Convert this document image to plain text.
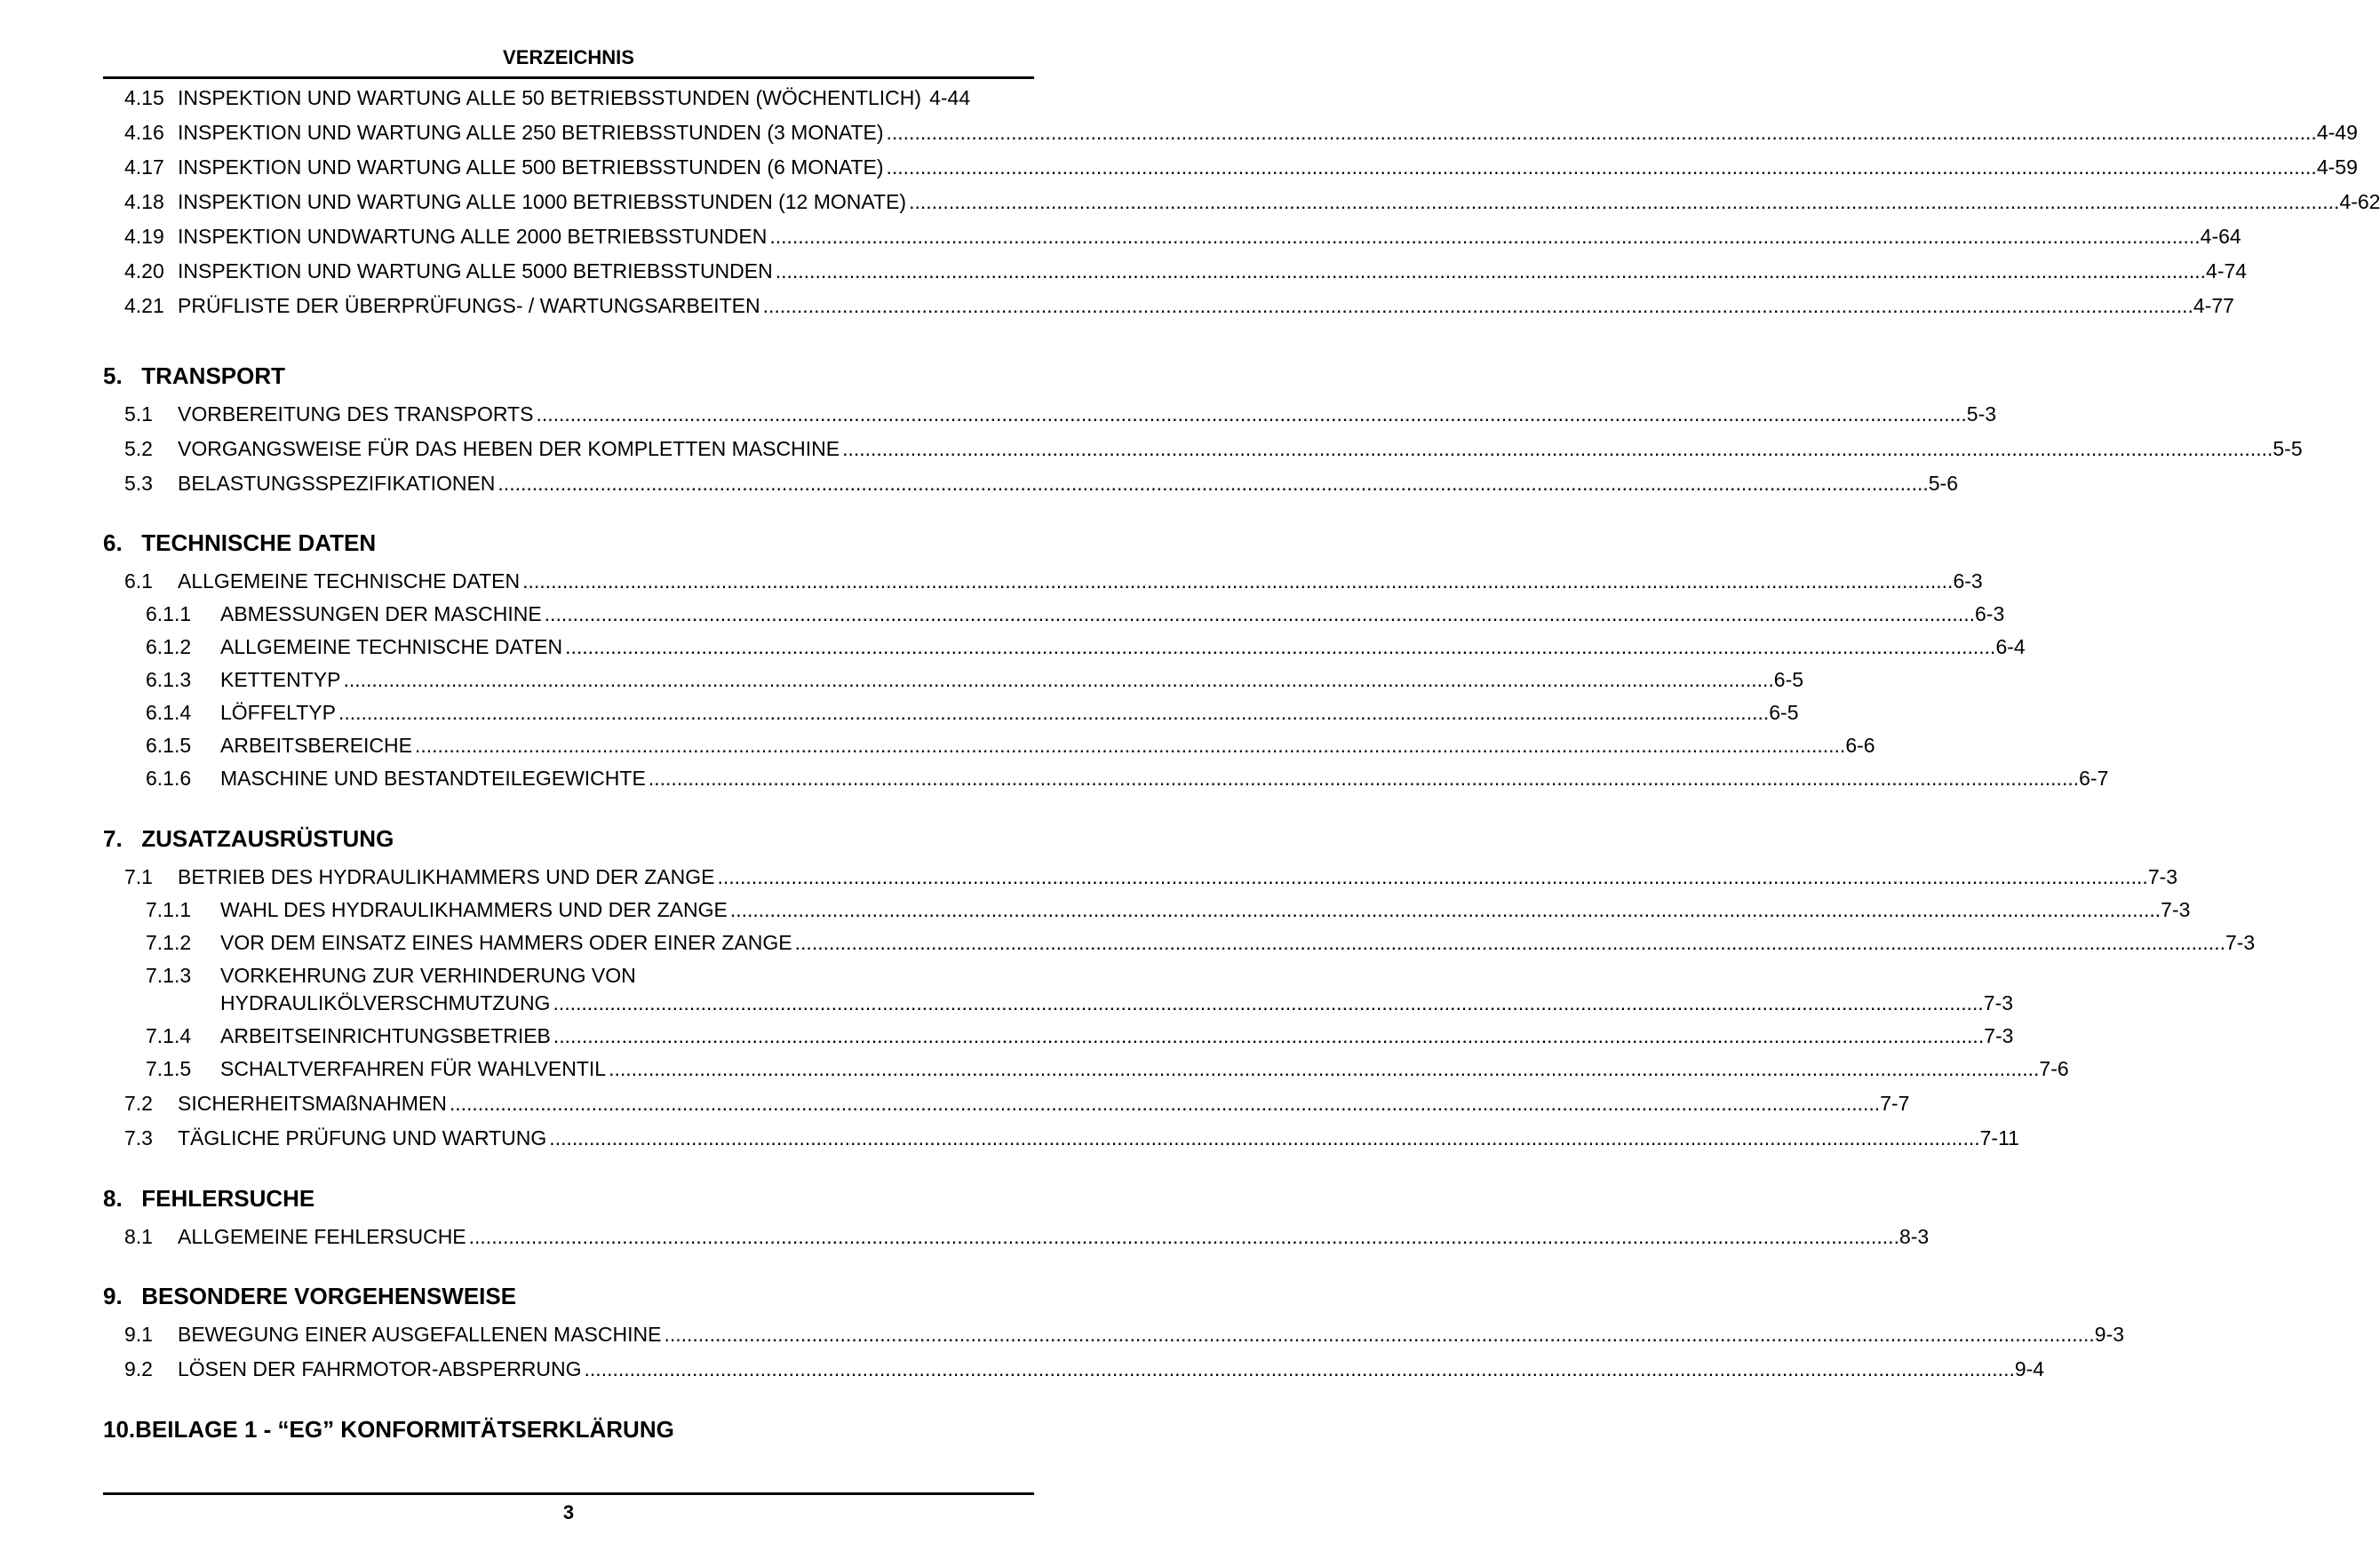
VERZEICHNIS
4.15 INSPEKTION UND WARTUNG ALLE 50 BETRIEBSSTUNDEN (WÖCHENTLICH) 4-44
4.16 INSPEKTION UND WARTUNG ALLE 250 BETRIEBSSTUNDEN (3 MONATE) .....	4-49
4.17 INSPEKTION UND WARTUNG ALLE 500 BETRIEBSSTUNDEN (6 MONATE) .....	4-59
4.18 INSPEKTION UND WARTUNG ALLE 1000 BETRIEBSSTUNDEN (12 MONATE) .....	4-62
4.19 INSPEKTION UNDWARTUNG ALLE 2000 BETRIEBSSTUNDEN .....	4-64
4.20 INSPEKTION UND WARTUNG ALLE 5000 BETRIEBSSTUNDEN .....	4-74
4.21 PRÜFLISTE DER ÜBERPRÜFUNGS- / WARTUNGSARBEITEN .....	4-77
5. TRANSPORT
5.1	VORBEREITUNG DES TRANSPORTS .....	5-3
5.2	VORGANGSWEISE FÜR DAS HEBEN DER KOMPLETTEN MASCHINE .....	5-5
5.3	BELASTUNGSSPEZIFIKATIONEN .....	5-6
6. TECHNISCHE DATEN
6.1	ALLGEMEINE TECHNISCHE DATEN .....	6-3
6.1.1	ABMESSUNGEN DER MASCHINE .....	6-3
6.1.2	ALLGEMEINE TECHNISCHE DATEN .....	6-4
6.1.3	KETTENTYP .....	6-5
6.1.4	LÖFFELTYP .....	6-5
6.1.5	ARBEITSBEREICHE .....	6-6
6.1.6	MASCHINE UND BESTANDTEILEGEWICHTE .....	6-7
7. ZUSATZAUSRÜSTUNG
7.1	BETRIEB DES HYDRAULIKHAMMERS UND DER ZANGE .....	7-3
7.1.1	WAHL DES HYDRAULIKHAMMERS UND DER ZANGE .....	7-3
7.1.2	VOR DEM EINSATZ EINES HAMMERS ODER EINER ZANGE .....	7-3
7.1.3	VORKEHRUNG ZUR VERHINDERUNG VON
HYDRAULIKÖLVERSCHMUTZUNG .....	7-3
7.1.4	ARBEITSEINRICHTUNGSBETRIEB .....	7-3
7.1.5	SCHALTVERFAHREN FÜR WAHLVENTIL .....	7-6
7.2	SICHERHEITSMAßNAHMEN .....	7-7
7.3	TÄGLICHE PRÜFUNG UND WARTUNG .....	7-11
8. FEHLERSUCHE
8.1	ALLGEMEINE FEHLERSUCHE .....	8-3
9. BESONDERE VORGEHENSWEISE
9.1	BEWEGUNG EINER AUSGEFALLENEN MASCHINE .....	9-3
9.2	LÖSEN DER FAHRMOTOR-ABSPERRUNG .....	9-4
10.BEILAGE 1 - “EG” KONFORMITÄTSERKLÄRUNG
3
